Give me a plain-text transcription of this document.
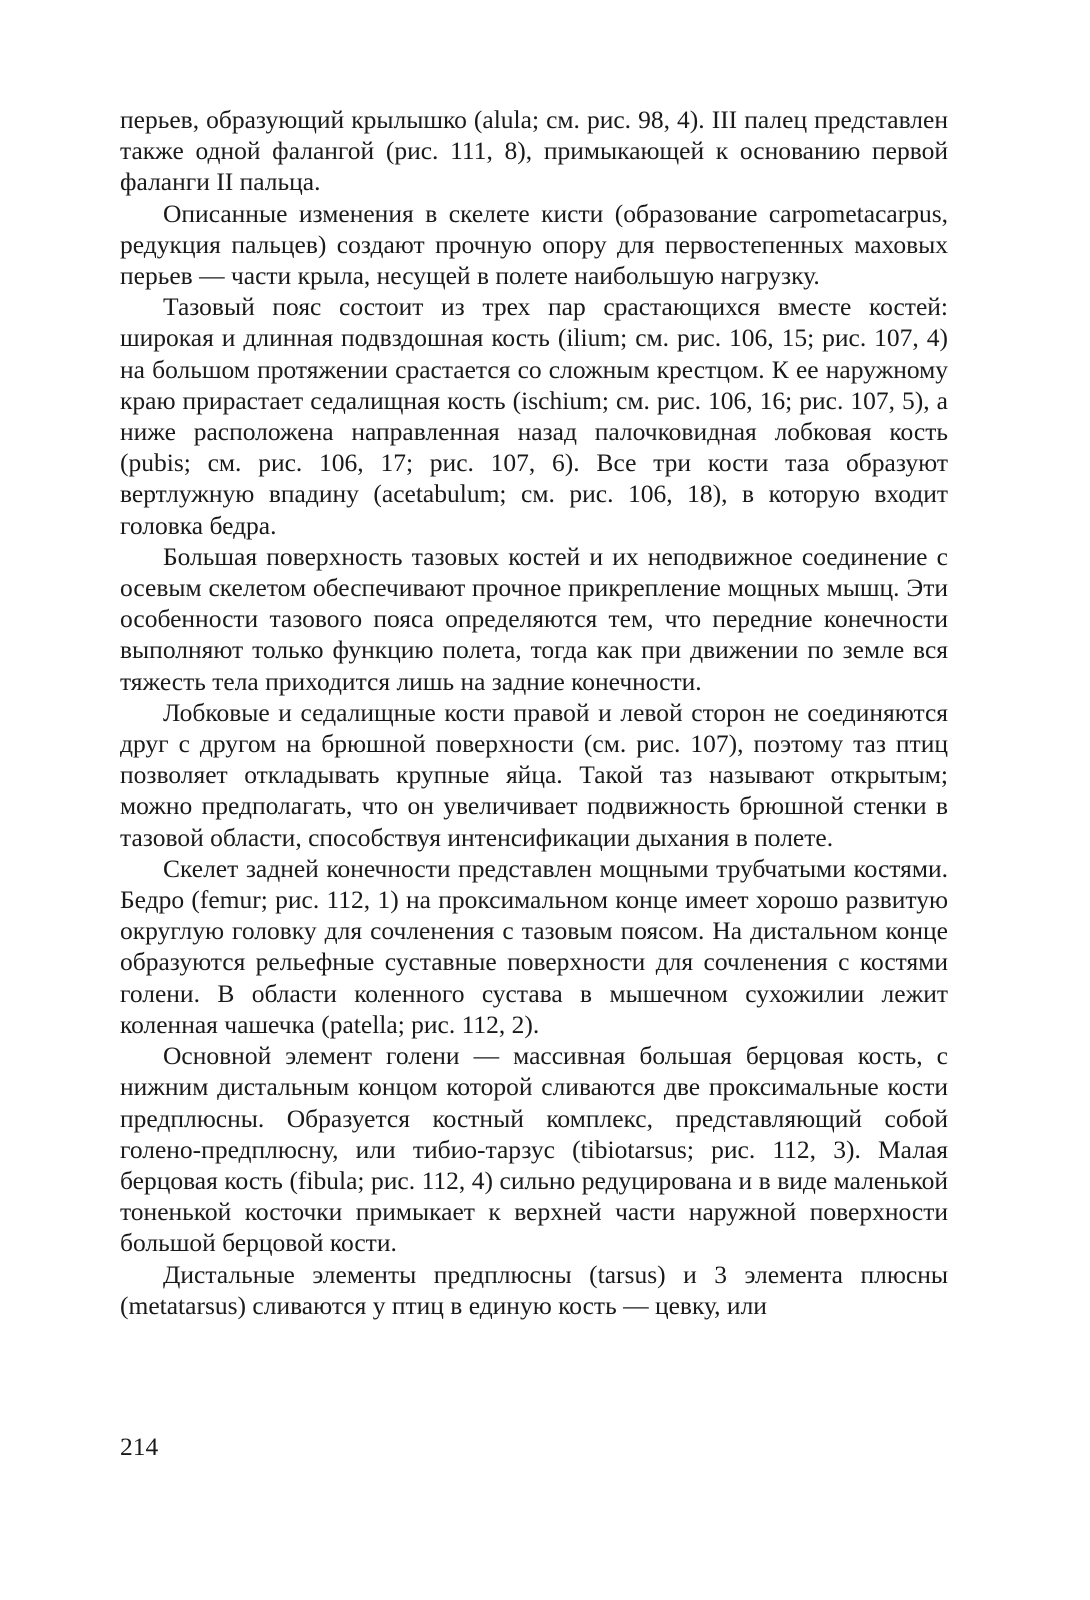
перьев, образующий крылышко (alula; см. рис. 98, 4). III палец представлен также одной фалангой (рис. 111, 8), примыкающей к основанию первой фаланги II пальца.

Описанные изменения в скелете кисти (образование carpometacarpus, редукция пальцев) создают прочную опору для первостепенных маховых перьев — части крыла, несущей в полете наибольшую нагрузку.

Тазовый пояс состоит из трех пар срастающихся вместе костей: широкая и длинная подвздошная кость (ilium; см. рис. 106, 15; рис. 107, 4) на большом протяжении срастается со сложным крестцом. К ее наружному краю прирастает седалищная кость (ischium; см. рис. 106, 16; рис. 107, 5), а ниже расположена направленная назад палочковидная лобковая кость (pubis; см. рис. 106, 17; рис. 107, 6). Все три кости таза образуют вертлужную впадину (acetabulum; см. рис. 106, 18), в которую входит головка бедра.

Большая поверхность тазовых костей и их неподвижное соединение с осевым скелетом обеспечивают прочное прикрепление мощных мышц. Эти особенности тазового пояса определяются тем, что передние конечности выполняют только функцию полета, тогда как при движении по земле вся тяжесть тела приходится лишь на задние конечности.

Лобковые и седалищные кости правой и левой сторон не соединяются друг с другом на брюшной поверхности (см. рис. 107), поэтому таз птиц позволяет откладывать крупные яйца. Такой таз называют открытым; можно предполагать, что он увеличивает подвижность брюшной стенки в тазовой области, способствуя интенсификации дыхания в полете.

Скелет задней конечности представлен мощными трубчатыми костями. Бедро (femur; рис. 112, 1) на проксимальном конце имеет хорошо развитую округлую головку для сочленения с тазовым поясом. На дистальном конце образуются рельефные суставные поверхности для сочленения с костями голени. В области коленного сустава в мышечном сухожилии лежит коленная чашечка (patella; рис. 112, 2).

Основной элемент голени — массивная большая берцовая кость, с нижним дистальным концом которой сливаются две проксимальные кости предплюсны. Образуется костный комплекс, представляющий собой голено-предплюсну, или тибио-тарзус (tibiotarsus; рис. 112, 3). Малая берцовая кость (fibula; рис. 112, 4) сильно редуцирована и в виде маленькой тоненькой косточки примыкает к верхней части наружной поверхности большой берцовой кости.

Дистальные элементы предплюсны (tarsus) и 3 элемента плюсны (metatarsus) сливаются у птиц в единую кость — цевку, или

214
